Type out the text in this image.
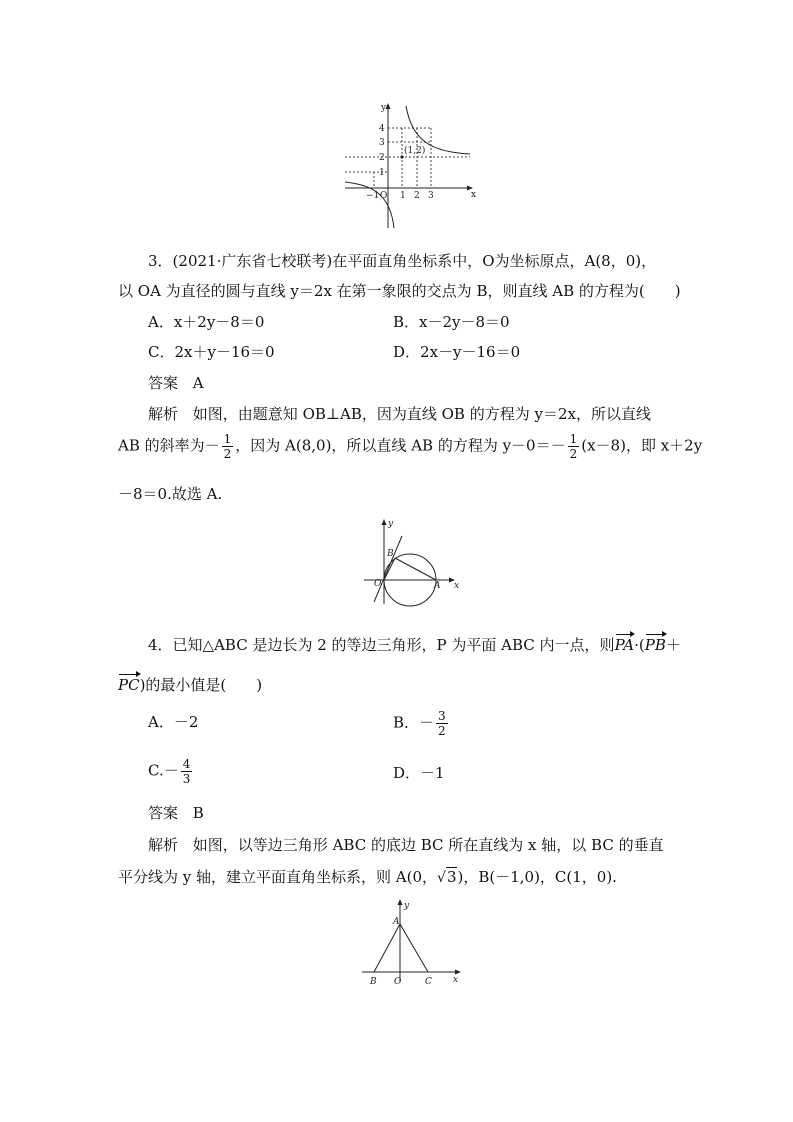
y
x
4
3
2
1
−1 O 1 2 3
(1,2)
3．(2021·广东省七校联考)在平面直角坐标系中，O为坐标原点，A(8，0)，
以 OA 为直径的圆与直线 y＝2x 在第一象限的交点为 B，则直线 AB 的方程为(　　)
A．x＋2y－8＝0	B．x－2y－8＝0
C．2x＋y－16＝0	D．2x－y－16＝0
答案 A
解析 如图，由题意知 OB⊥AB，因为直线 OB 的方程为 y＝2x，所以直线
AB 的斜率为－ $\frac{1}{2}$ ，因为 A(8,0)，所以直线 AB 的方程为 $y-0=- \frac{1}{2} (x-8)$，即 x＋2y
－8＝0.故选 A.
y
x
B
O	A
4．已知△ABC 是边长为 2 的等边三角形，P 为平面 ABC 内一点，则PA·(PB＋
PC)的最小值是(　　)
A．－2	B．－ $\frac{3}{2}$
$C.- \frac{4}{3}$	D．－1
答案 B
解析 如图，以等边三角形 ABC 的底边 BC 所在直线为 x 轴，以 BC 的垂直
平分线为 y 轴，建立平面直角坐标系，则 A(0，√3)，B(－1,0)，C(1，0).
y
x
A
B O	C
